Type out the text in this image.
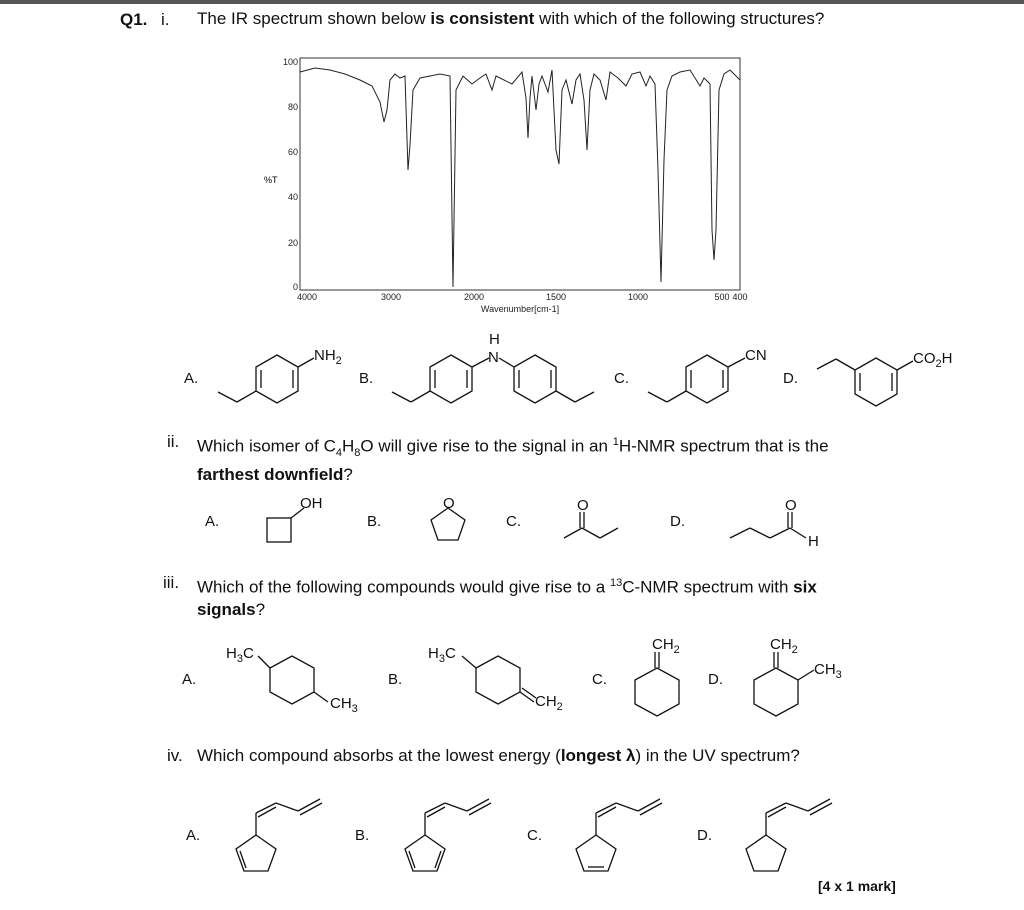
Q1. i. The IR spectrum shown below is consistent with which of the following structures?
%T
100
80
60
40
20
0
4000	3000	2000	1500	1000	500 400
Wavenumber[cm-1]
A.	B.	C.	D.
$NH_2$
H
N	CN	$CO_2H$
ii. Which isomer of $C_4H_8O$ will give rise to the signal in an $^1$H-NMR spectrum that is the
farthest downfield?
A.	B.	C.	D.
OH	O	O	O
H
iii. Which of the following compounds would give rise to a $^{13}$C-NMR spectrum with six
signals?
A.	B.	C.	D.
$H_3C$
$CH_3$
$H_3C$
$CH_2$
$CH_2$	$CH_2$
$CH_3$
iv. Which compound absorbs at the lowest energy (longest λ) in the UV spectrum?
A.	B.	C.	D.
[4 x 1 mark]
